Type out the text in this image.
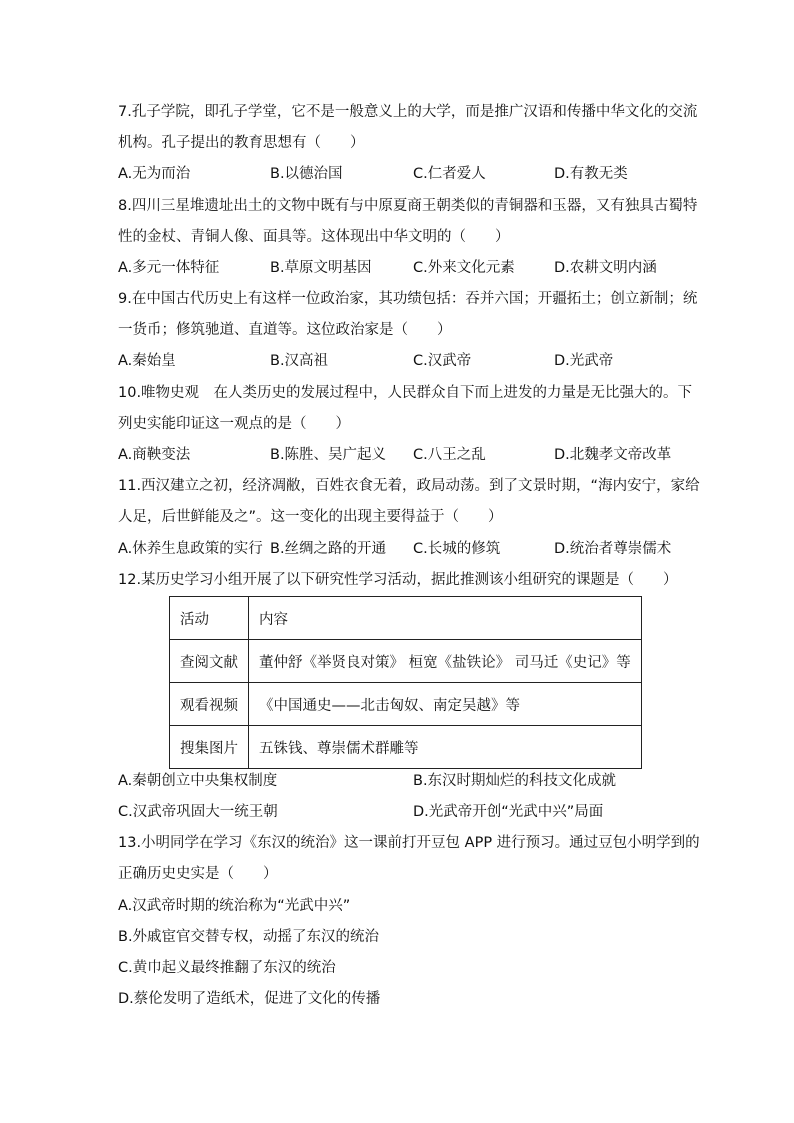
7.孔子学院，即孔子学堂，它不是一般意义上的大学，而是推广汉语和传播中华文化的交流
机构。孔子提出的教育思想有（　　）
A.无为而治	B.以德治国	C.仁者爱人	D.有教无类
8.四川三星堆遗址出土的文物中既有与中原夏商王朝类似的青铜器和玉器，又有独具古蜀特
性的金杖、青铜人像、面具等。这体现出中华文明的（　　）
A.多元一体特征	B.草原文明基因	C.外来文化元素	D.农耕文明内涵
9.在中国古代历史上有这样一位政治家，其功绩包括：吞并六国；开疆拓土；创立新制；统
一货币；修筑驰道、直道等。这位政治家是（　　）
A.秦始皇	B.汉高祖	C.汉武帝	D.光武帝
10.唯物史观　在人类历史的发展过程中，人民群众自下而上进发的力量是无比强大的。下
列史实能印证这一观点的是（　　）
A.商鞅变法	B.陈胜、吴广起义 C.八王之乱	D.北魏孝文帝改革
11.西汉建立之初，经济凋敝，百姓衣食无着，政局动荡。到了文景时期，“海内安宁，家给
人足，后世鲜能及之”。这一变化的出现主要得益于（　　）
A.休养生息政策的实行 B.丝绸之路的开通 C.长城的修筑	D.统治者尊崇儒术
12.某历史学习小组开展了以下研究性学习活动，据此推测该小组研究的课题是（　　）
活动	内容
查阅文献	董仲舒《举贤良对策》 桓宽《盐铁论》 司马迁《史记》等
观看视频	《中国通史——北击匈奴、南定吴越》等
搜集图片	五铢钱、尊崇儒术群雕等
A.秦朝创立中央集权制度	B.东汉时期灿烂的科技文化成就
C.汉武帝巩固大一统王朝	D.光武帝开创“光武中兴”局面
13.小明同学在学习《东汉的统治》这一课前打开豆包 APP 进行预习。通过豆包小明学到的
正确历史史实是（　　）
A.汉武帝时期的统治称为“光武中兴”
B.外戚宦官交替专权，动摇了东汉的统治
C.黄巾起义最终推翻了东汉的统治
D.蔡伦发明了造纸术，促进了文化的传播
